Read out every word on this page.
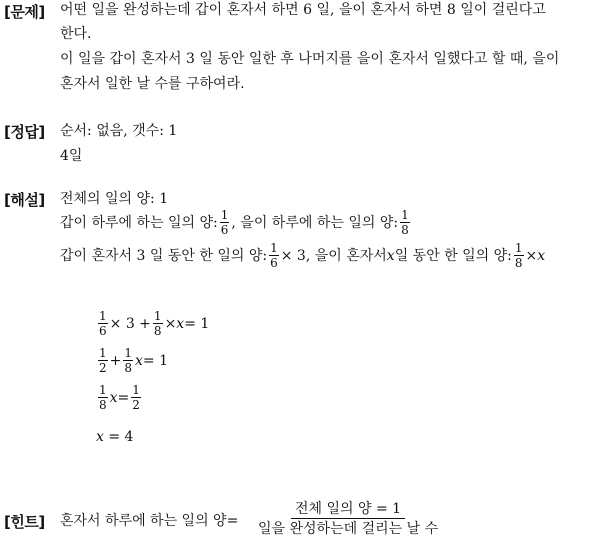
[문제] 어떤 일을 완성하는데 갑이 혼자서 하면 6 일, 을이 혼자서 하면 8 일이 걸린다고
한다.
이 일을 갑이 혼자서 3 일 동안 일한 후 나머지를 을이 혼자서 일했다고 할 때, 을이
혼자서 일한 날 수를 구하여라.
[정답] 순서: 없음, 갯수: 1
4일
[해설] 전체의 일의 양: 1
갑이 하루에 하는 일의 양: $\frac{1}{6}$ , 을이 하루에 하는 일의 양: $\frac{1}{8}$
갑이 혼자서 3 일 동안 한 일의 양: $\frac{1}{6} \times 3$ , 을이 혼자서 x 일 동안 한 일의 양: $\frac{1}{8} \times x$
$\frac{1}{6} \times 3 + \frac{1}{8} \times x = 1$
$\frac{1}{2} + \frac{1}{8}$ x = 1
$\frac{1}{8}$ $x = \frac{1}{2}$
x = 4
[힌트] 혼자서 하루에 하는 일의 양=
전체 일의 양 = 1
일을 완성하는데 걸리는 날 수
